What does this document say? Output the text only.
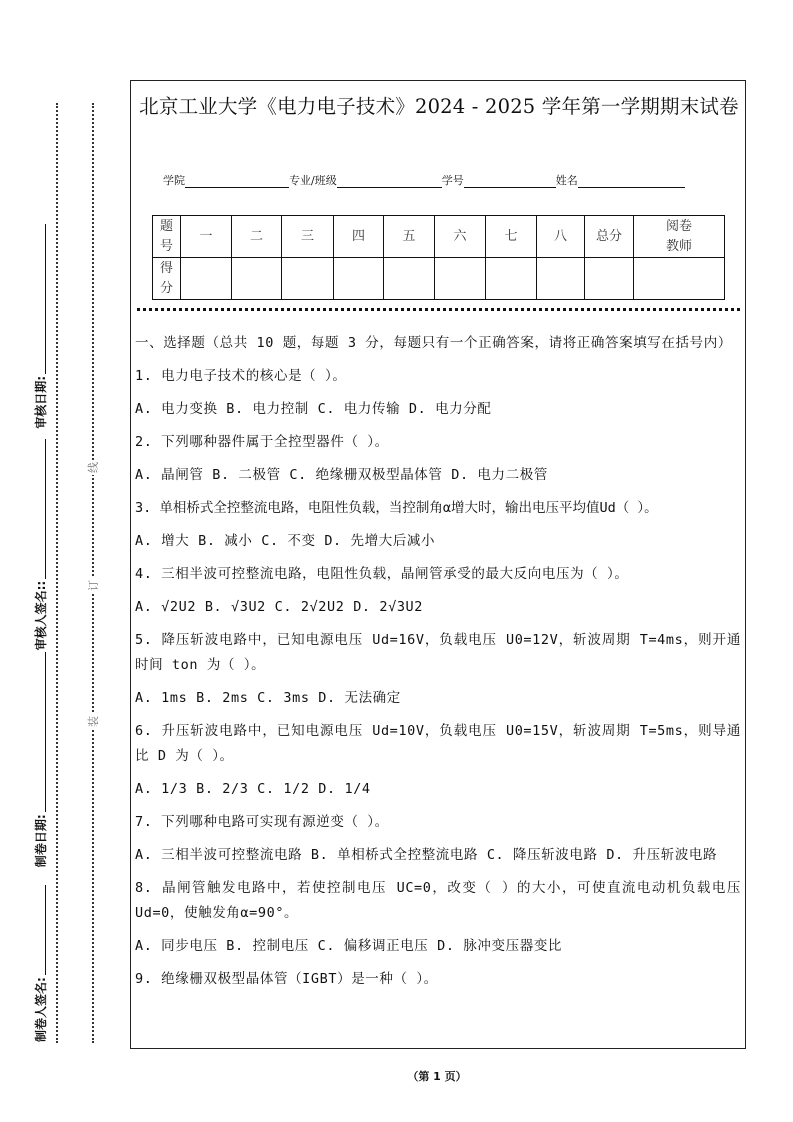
制卷人签名:
制卷日期:
审核人签名::
审核日期:
装
订
线
北京工业大学《电力电子技术》2024 - 2025 学年第一学期期末试卷
学院	专业/班级	学号	姓名
题号	一	二	三	四	五	六	七	八	总分	阅卷教师
得分										

一、选择题（总共 10 题，每题 3 分，每题只有一个正确答案，请将正确答案填写在括号内）

1. 电力电子技术的核心是（ ）。

A. 电力变换 B. 电力控制 C. 电力传输 D. 电力分配

2. 下列哪种器件属于全控型器件（ ）。

A. 晶闸管 B. 二极管 C. 绝缘栅双极型晶体管 D. 电力二极管

3. 单相桥式全控整流电路，电阻性负载，当控制角α增大时，输出电压平均值Ud（ ）。

A. 增大 B. 减小 C. 不变 D. 先增大后减小

4. 三相半波可控整流电路，电阻性负载，晶闸管承受的最大反向电压为（ ）。

A. √2U2 B. √3U2 C. 2√2U2 D. 2√3U2

5. 降压斩波电路中，已知电源电压 Ud=16V，负载电压 U0=12V，斩波周期 T=4ms，则开通时间 ton 为（ ）。

A. 1ms B. 2ms C. 3ms D. 无法确定

6. 升压斩波电路中，已知电源电压 Ud=10V，负载电压 U0=15V，斩波周期 T=5ms，则导通比 D 为（ ）。

A. 1/3 B. 2/3 C. 1/2 D. 1/4

7. 下列哪种电路可实现有源逆变（ ）。

A. 三相半波可控整流电路 B. 单相桥式全控整流电路 C. 降压斩波电路 D. 升压斩波电路

8. 晶闸管触发电路中，若使控制电压 UC=0，改变（ ）的大小，可使直流电动机负载电压 Ud=0，使触发角α=90°。

A. 同步电压 B. 控制电压 C. 偏移调正电压 D. 脉冲变压器变比

9. 绝缘栅双极型晶体管（IGBT）是一种（ ）。

（第 1 页）
